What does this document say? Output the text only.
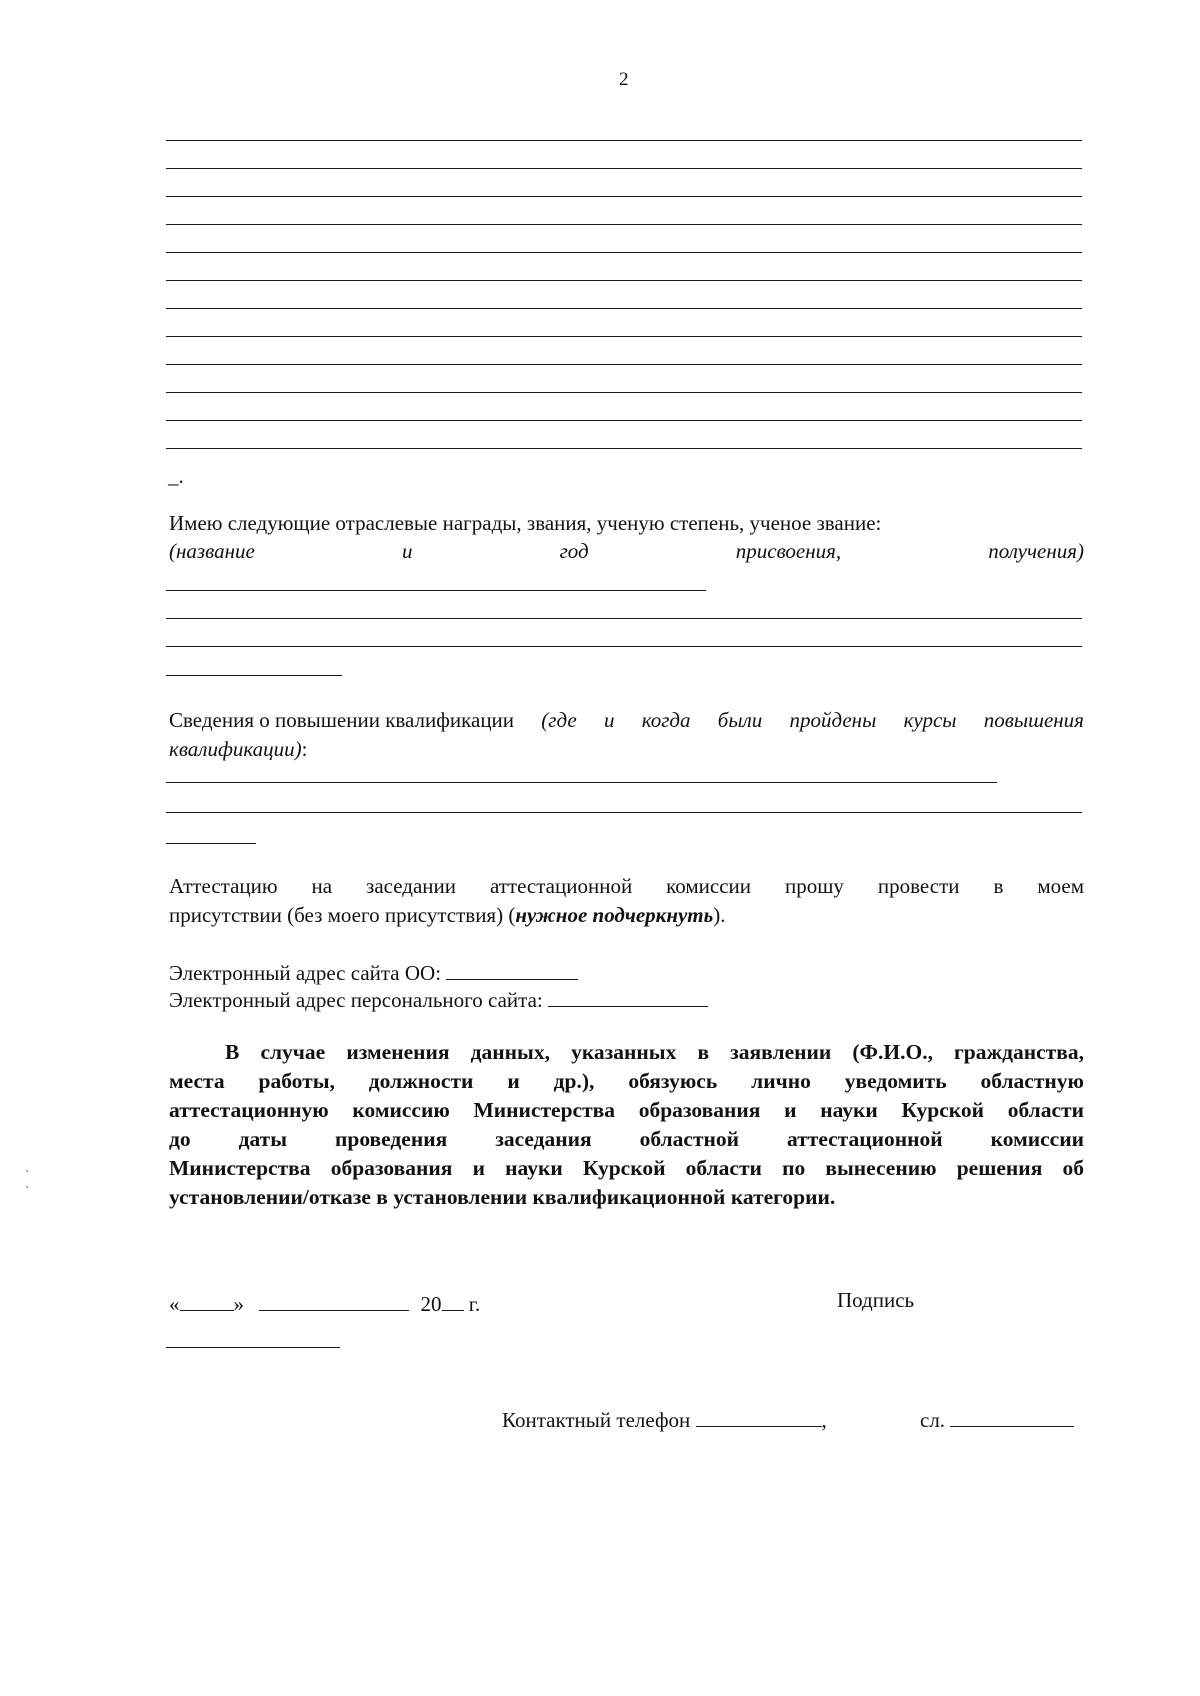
2
_.
Имею следующие отраслевые награды, звания, ученую степень, ученое звание:
(название	и	год	присвоения,	получения)
Сведения о повышении квалификации (где и когда были пройдены курсы повышения
квалификации):
Аттестацию на заседании аттестационной комиссии прошу провести в моем
присутствии (без моего присутствия) (нужное подчеркнуть).
Электронный адрес сайта ОО:
Электронный адрес персонального сайта:
В случае изменения данных, указанных в заявлении (Ф.И.О., гражданства,
места работы, должности и др.), обязуюсь лично уведомить областную
аттестационную комиссию Министерства образования и науки Курской области
до даты проведения заседания областной аттестационной комиссии
Министерства образования и науки Курской области по вынесению решения об
установлении/отказе в установлении квалификационной категории.
«	»	20 г.	Подпись
Контактный телефон	,	сл.
